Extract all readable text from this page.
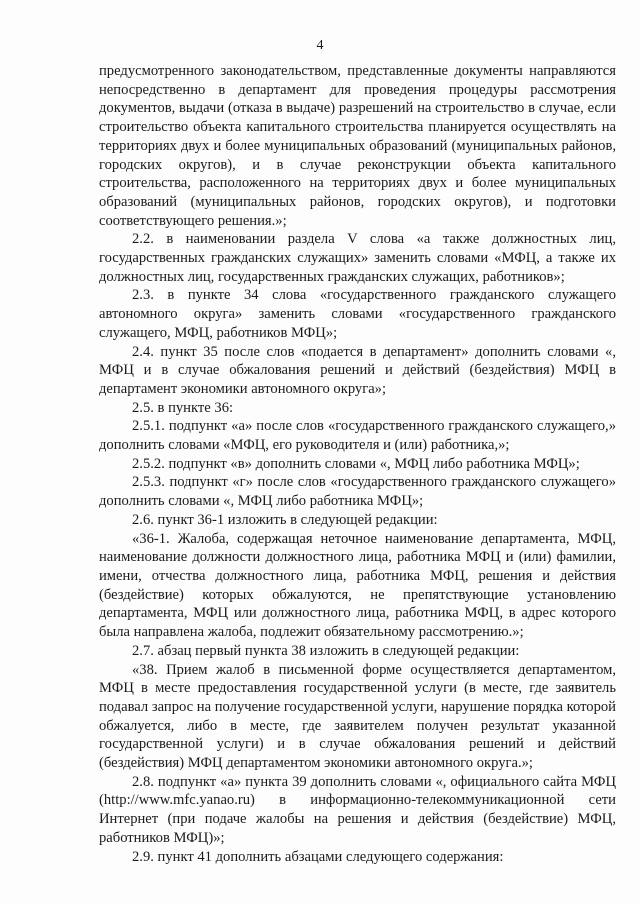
4

предусмотренного законодательством, представленные документы направляются непосредственно в департамент для проведения процедуры рассмотрения документов, выдачи (отказа в выдаче) разрешений на строительство в случае, если строительство объекта капитального строительства планируется осуществлять на территориях двух и более муниципальных образований (муниципальных районов, городских округов), и в случае реконструкции объекта капитального строительства, расположенного на территориях двух и более муниципальных образований (муниципальных районов, городских округов), и подготовки соответствующего решения.»;

2.2. в наименовании раздела V слова «а также должностных лиц, государственных гражданских служащих» заменить словами «МФЦ, а также их должностных лиц, государственных гражданских служащих, работников»;

2.3. в пункте 34 слова «государственного гражданского служащего автономного округа» заменить словами «государственного гражданского служащего, МФЦ, работников МФЦ»;

2.4. пункт 35 после слов «подается в департамент» дополнить словами «, МФЦ и в случае обжалования решений и действий (бездействия) МФЦ в департамент экономики автономного округа»;

2.5. в пункте 36:

2.5.1. подпункт «а» после слов «государственного гражданского служащего,» дополнить словами «МФЦ, его руководителя и (или) работника,»;

2.5.2. подпункт «в» дополнить словами «, МФЦ либо работника МФЦ»;

2.5.3. подпункт «г» после слов «государственного гражданского служащего» дополнить словами «, МФЦ либо работника МФЦ»;

2.6. пункт 36-1 изложить в следующей редакции:

«36-1. Жалоба, содержащая неточное наименование департамента, МФЦ, наименование должности должностного лица, работника МФЦ и (или) фамилии, имени, отчества должностного лица, работника МФЦ, решения и действия (бездействие) которых обжалуются, не препятствующие установлению департамента, МФЦ или должностного лица, работника МФЦ, в адрес которого была направлена жалоба, подлежит обязательному рассмотрению.»;

2.7. абзац первый пункта 38 изложить в следующей редакции:

«38. Прием жалоб в письменной форме осуществляется департаментом, МФЦ в месте предоставления государственной услуги (в месте, где заявитель подавал запрос на получение государственной услуги, нарушение порядка которой обжалуется, либо в месте, где заявителем получен результат указанной государственной услуги) и в случае обжалования решений и действий (бездействия) МФЦ департаментом экономики автономного округа.»;

2.8. подпункт «а» пункта 39 дополнить словами «, официального сайта МФЦ (http://www.mfc.yanao.ru) в информационно-телекоммуникационной сети Интернет (при подаче жалобы на решения и действия (бездействие) МФЦ, работников МФЦ)»;

2.9. пункт 41 дополнить абзацами следующего содержания:
